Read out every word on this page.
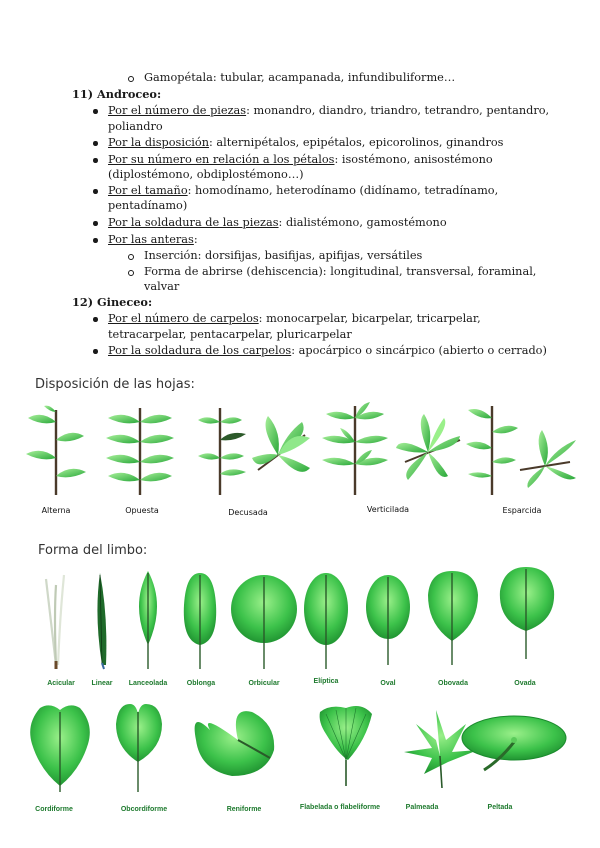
Gamopétala: tubular, acampanada, infundibuliforme…
11) Androceo:
Por el número de piezas: monandro, diandro, triandro, tetrandro, pentandro,
poliandro
Por la disposición: alternipétalos, epipétalos, epicorolinos, ginandros
Por su número en relación a los pétalos: isostémono, anisostémono
(diplostémono, obdiplostémono…)
Por el tamaño: homodínamo, heterodínamo (didínamo, tetradínamo,
pentadínamo)
Por la soldadura de las piezas: dialistémono, gamostémono
Por las anteras:
Inserción: dorsifijas, basifijas, apifijas, versátiles
Forma de abrirse (dehiscencia): longitudinal, transversal, foraminal,
valvar
12) Gineceo:
Por el número de carpelos: monocarpelar, bicarpelar, tricarpelar,
tetracarpelar, pentacarpelar, pluricarpelar
Por la soldadura de los carpelos: apocárpico o sincárpico (abierto o cerrado)
Disposición de las hojas:
Alterna	Opuesta	Decusada	Verticilada	Esparcida
Forma del limbo:
Acicular Linear Lanceolada	Oblonga	Orbicular	Elíptica	Oval	Obovada	Ovada
Cordiforme	Obcordiforme	Reniforme	Flabelada o flabeliforme	Palmeada	Peltada
